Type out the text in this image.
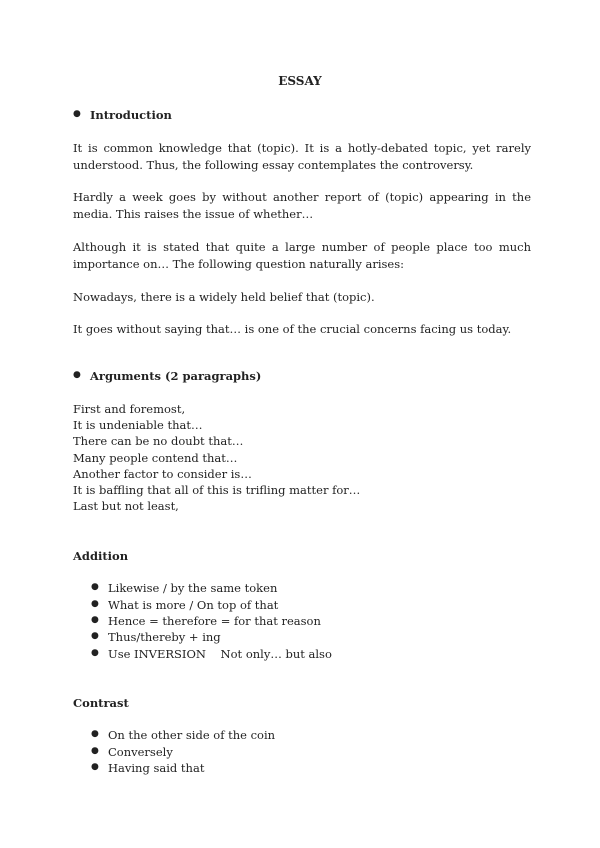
ESSAY
● Introduction
It is common knowledge that (topic). It is a hotly-debated topic, yet rarely understood. Thus, the following essay contemplates the controversy.
Hardly a week goes by without another report of (topic) appearing in the media. This raises the issue of whether…
Although it is stated that quite a large number of people place too much importance on… The following question naturally arises:
Nowadays, there is a widely held belief that (topic).
It goes without saying that… is one of the crucial concerns facing us today.
● Arguments (2 paragraphs)
First and foremost,
It is undeniable that…
There can be no doubt that…
Many people contend that…
Another factor to consider is…
It is baffling that all of this is trifling matter for…
Last but not least,
Addition
● Likewise / by the same token
● What is more / On top of that
● Hence = therefore = for that reason
● Thus/thereby + ing
● Use INVERSION    Not only… but also
Contrast
● On the other side of the coin
● Conversely
● Having said that
